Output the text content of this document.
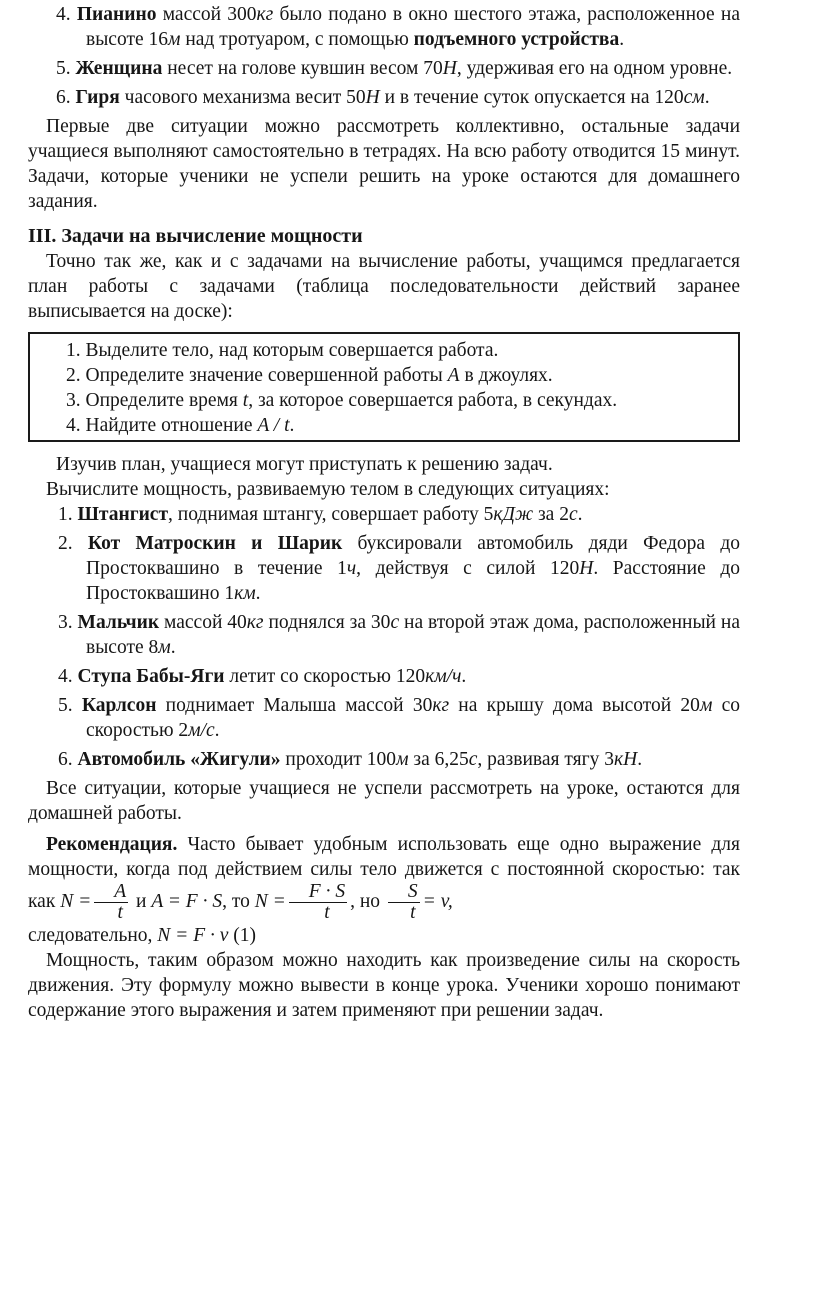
4. Пианино массой 300кг было подано в окно шестого этажа, расположенное на высоте 16м над тротуаром, с помощью подъемного устройства.

5. Женщина несет на голове кувшин весом 70Н, удерживая его на одном уровне.

6. Гиря часового механизма весит 50Н и в течение суток опускается на 120см.

Первые две ситуации можно рассмотреть коллективно, остальные задачи учащиеся выполняют самостоятельно в тетрадях. На всю работу отводится 15 минут. Задачи, которые ученики не успели решить на уроке остаются для домашнего задания.

III. Задачи на вычисление мощности

Точно так же, как и с задачами на вычисление работы, учащимся предлагается план работы с задачами (таблица последовательности действий заранее выписывается на доске):

1. Выделите тело, над которым совершается работа.

2. Определите значение совершенной работы A в джоулях.

3. Определите время t, за которое совершается работа, в секундах.

4. Найдите отношение A / t.

Изучив план, учащиеся могут приступать к решению задач.

Вычислите мощность, развиваемую телом в следующих ситуациях:

1. Штангист, поднимая штангу, совершает работу 5кДж за 2с.

2. Кот Матроскин и Шарик буксировали автомобиль дяди Федора до Простоквашино в течение 1ч, действуя с силой 120Н. Расстояние до Простоквашино 1км.

3. Мальчик массой 40кг поднялся за 30с на второй этаж дома, расположенный на высоте 8м.

4. Ступа Бабы-Яги летит со скоростью 120км/ч.

5. Карлсон поднимает Малыша массой 30кг на крышу дома высотой 20м со скоростью 2м/с.

6. Автомобиль «Жигули» проходит 100м за 6,25с, развивая тягу 3кН.

Все ситуации, которые учащиеся не успели рассмотреть на уроке, остаются для домашней работы.

Рекомендация. Часто бывает удобным использовать еще одно выражение для мощности, когда под действием силы тело движется с постоянной скоростью: так как $N = \frac{A}{t}$ и A = F · S, то $N = \frac{F \cdot S}{t}$ , но $\frac{S}{t} = v$,

следовательно, N = F · v (1)

Мощность, таким образом можно находить как произведение силы на скорость движения. Эту формулу можно вывести в конце урока. Ученики хорошо понимают содержание этого выражения и затем применяют при решении задач.
